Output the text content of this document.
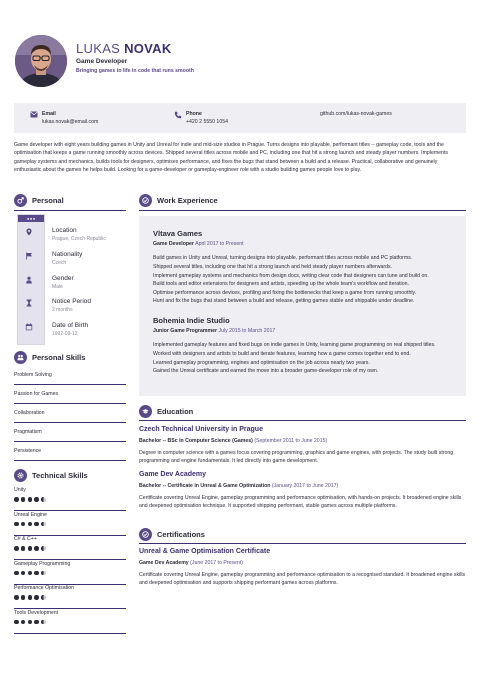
LUKAS NOVAK
Game Developer
Bringing games to life in code that runs smooth
Email
lukas.novak@email.com
Phone
+420 2 5550 1054
github.com/lukas-novak-games
Game developer with eight years building games in Unity and Unreal for indie and mid-size studios in Prague. Turns designs into playable, performant titles -- gameplay code, tools and the optimisation that keeps a game running smoothly across devices. Shipped several titles across mobile and PC, including one that hit a strong launch and steady player numbers. Implements gameplay systems and mechanics, builds tools for designers, optimises performance, and fixes the bugs that stand between a build and a release. Practical, collaborative and genuinely enthusiastic about the games he helps build. Looking for a game-developer or gameplay-engineer role with a studio building games people love to play.
Personal
●●●
Location
Prague, Czech Republic
Nationality
Czech
Gender
Male
Notice Period
2 months
Date of Birth
1992-09-12
Personal Skills
Problem Solving
Passion for Games
Collaboration
Pragmatism
Persistence
Technical Skills
Unity
Unreal Engine
C# & C++
Gameplay Programming
Performance Optimisation
Tools Development
Work Experience
Vltava Games
Game Developer April 2017 to Present
Build games in Unity and Unreal, turning designs into playable, performant titles across mobile and PC platforms.
Shipped several titles, including one that hit a strong launch and held steady player numbers afterwards.
Implement gameplay systems and mechanics from design docs, writing clear code that designers can tune and build on.
Build tools and editor extensions for designers and artists, speeding up the whole team's workflow and iteration.
Optimise performance across devices, profiling and fixing the bottlenecks that keep a game from running smoothly.
Hunt and fix the bugs that stand between a build and release, getting games stable and shippable under deadline.
Bohemia Indie Studio
Junior Game Programmer July 2015 to March 2017
Implemented gameplay features and fixed bugs on indie games in Unity, learning game programming on real shipped titles.
Worked with designers and artists to build and iterate features, learning how a game comes together end to end.
Learned gameplay programming, engines and optimisation on the job across nearly two years.
Gained the Unreal certificate and earned the move into a broader game-developer role of my own.
Education
Czech Technical University in Prague
Bachelor -- BSc in Computer Science (Games) (September 2011 to June 2015)
Degree in computer science with a games focus covering programming, graphics and game engines, with projects. The study built strong programming and engine fundamentals. It led directly into game development.
Game Dev Academy
Bachelor -- Certificate in Unreal & Game Optimization (January 2017 to June 2017)
Certificate covering Unreal Engine, gameplay programming and performance optimisation, with hands-on projects. It broadened engine skills and deepened optimisation technique. It supported shipping performant, stable games across multiple platforms.
Certifications
Unreal & Game Optimisation Certificate
Game Dev Academy (June 2017 to Present)
Certificate covering Unreal Engine, gameplay programming and performance optimisation to a recognised standard. It broadened engine skills and deepened optimisation and supports shipping performant games across platforms.
